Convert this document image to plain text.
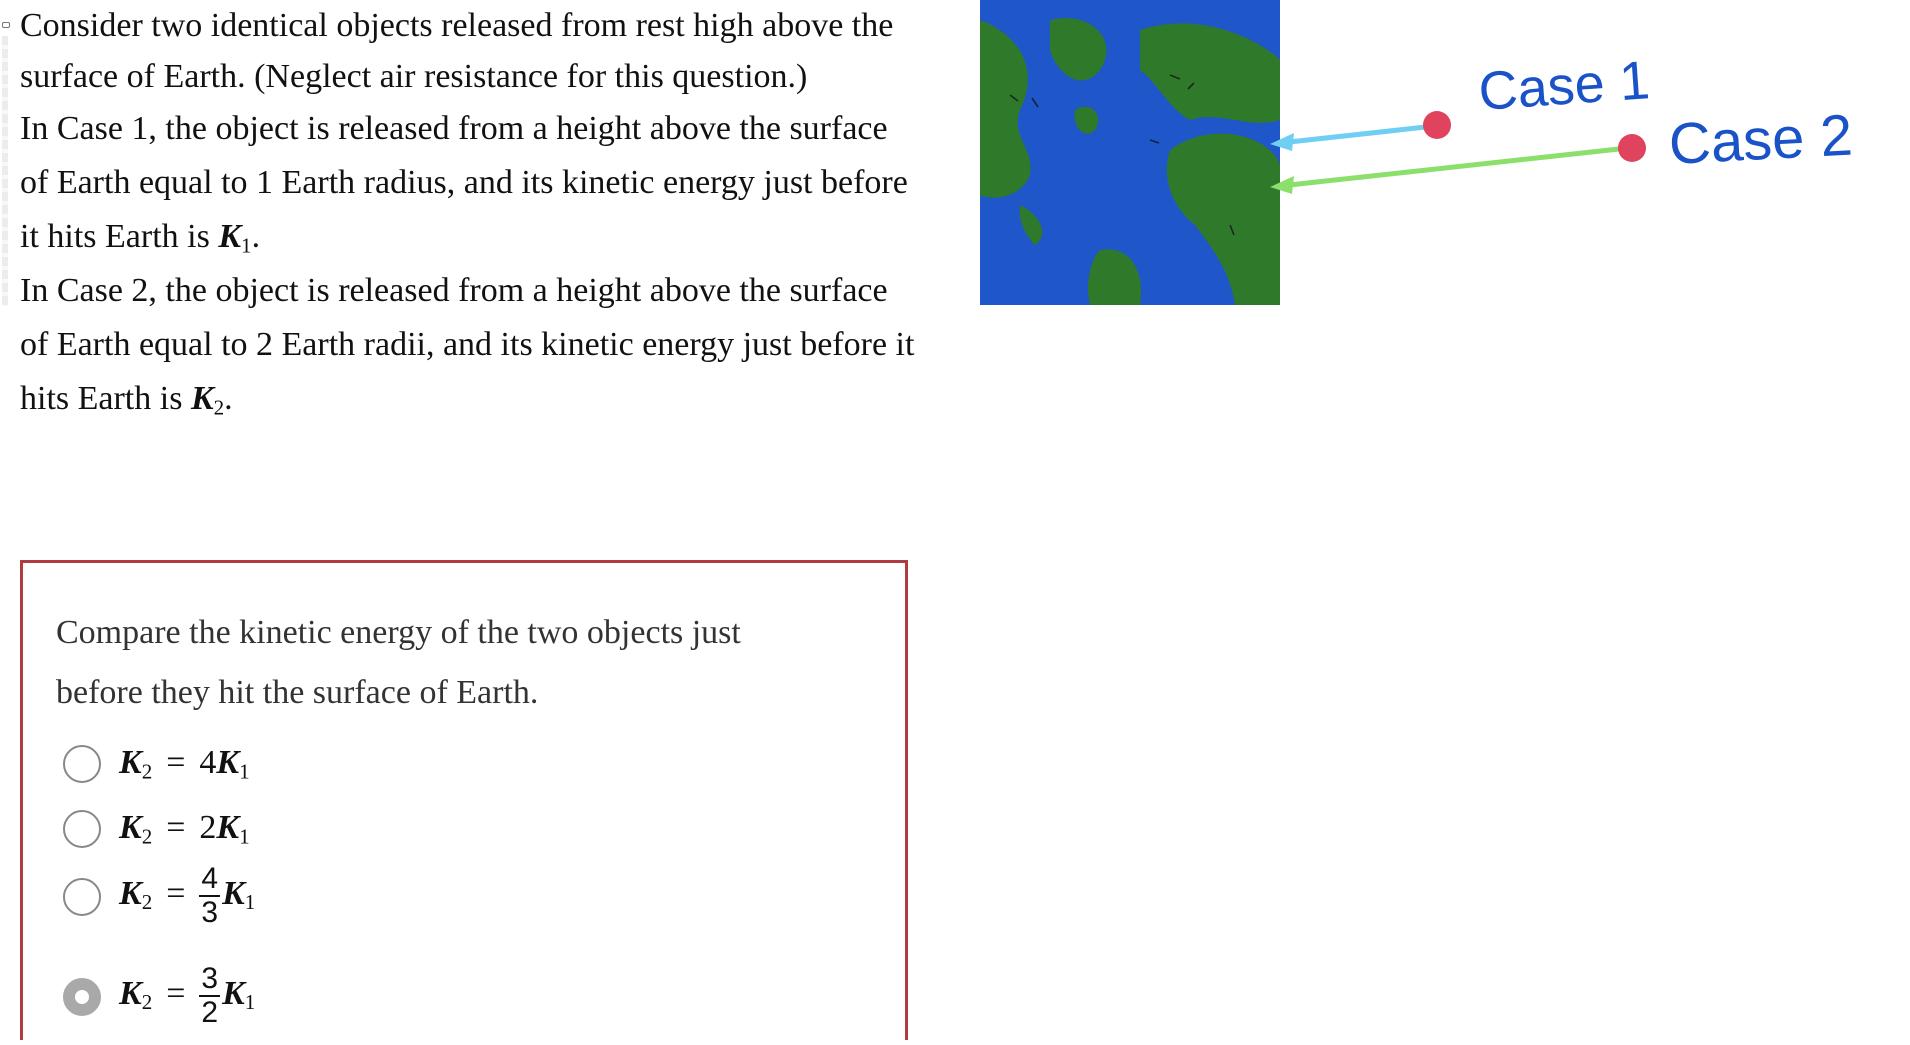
Consider two identical objects released from rest high above the surface of Earth. (Neglect air resistance for this question.)

In Case 1, the object is released from a height above the surface of Earth equal to 1 Earth radius, and its kinetic energy just before it hits Earth is $K_1$.

In Case 2, the object is released from a height above the surface of Earth equal to 2 Earth radii, and its kinetic energy just before it hits Earth is $K_2$.

Case 1
Case 2
Compare the kinetic energy of the two objects just before they hit the surface of Earth.
$K_2 = 4K_1$
$K_2 = 2K_1$
$K_2 = \frac{4}{3} K_1$
$K_2 = \frac{3}{2} K_1$
